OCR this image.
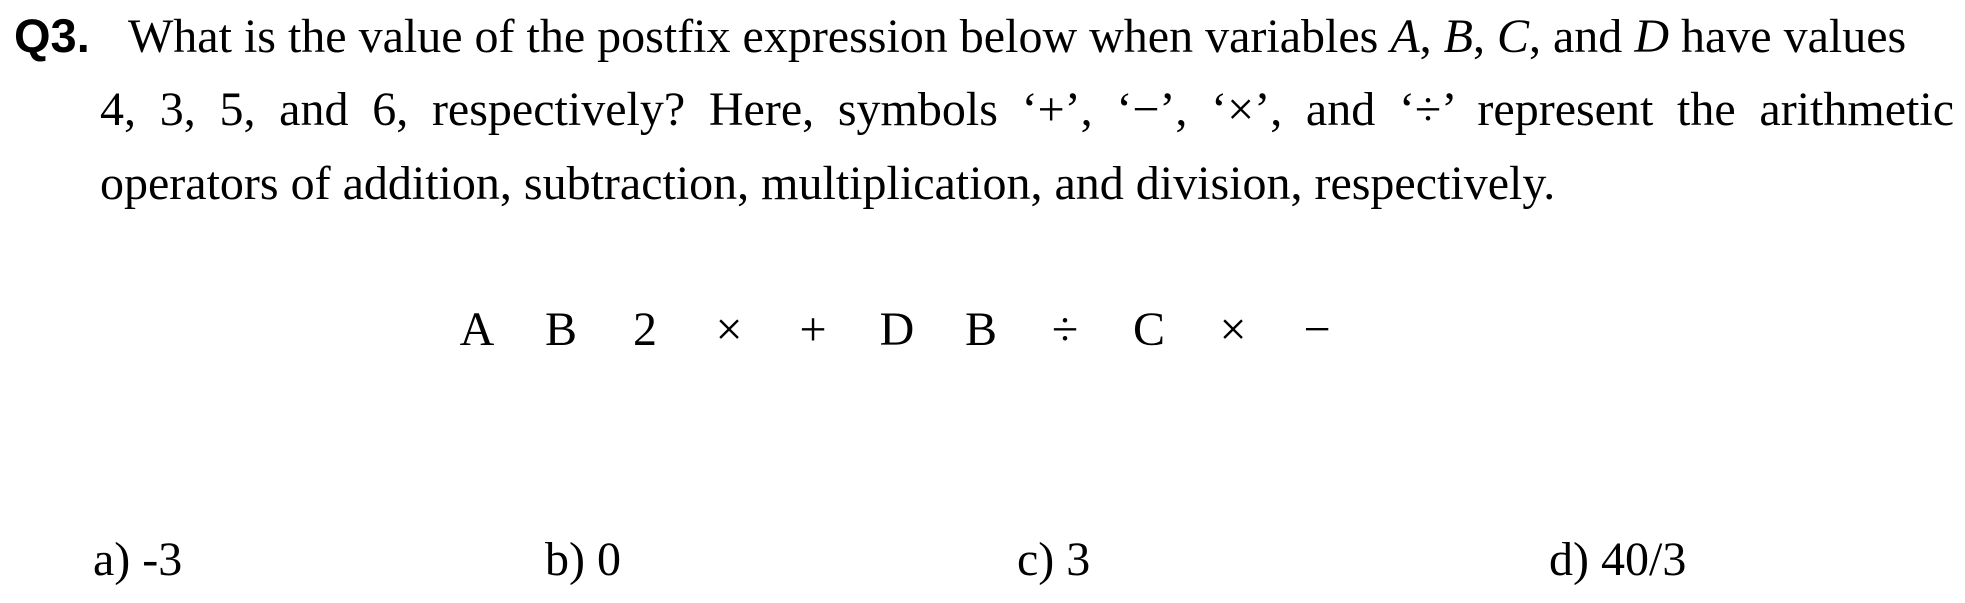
Q3. What is the value of the postfix expression below when variables A, B, C, and D have values
4, 3, 5, and 6, respectively? Here, symbols ‘+’, ‘−’, ‘×’, and ‘÷’ represent the arithmetic
operators of addition, subtraction, multiplication, and division, respectively.
A B 2 × + D B ÷ C × −
a) -3	b) 0	c) 3	d) 40/3
